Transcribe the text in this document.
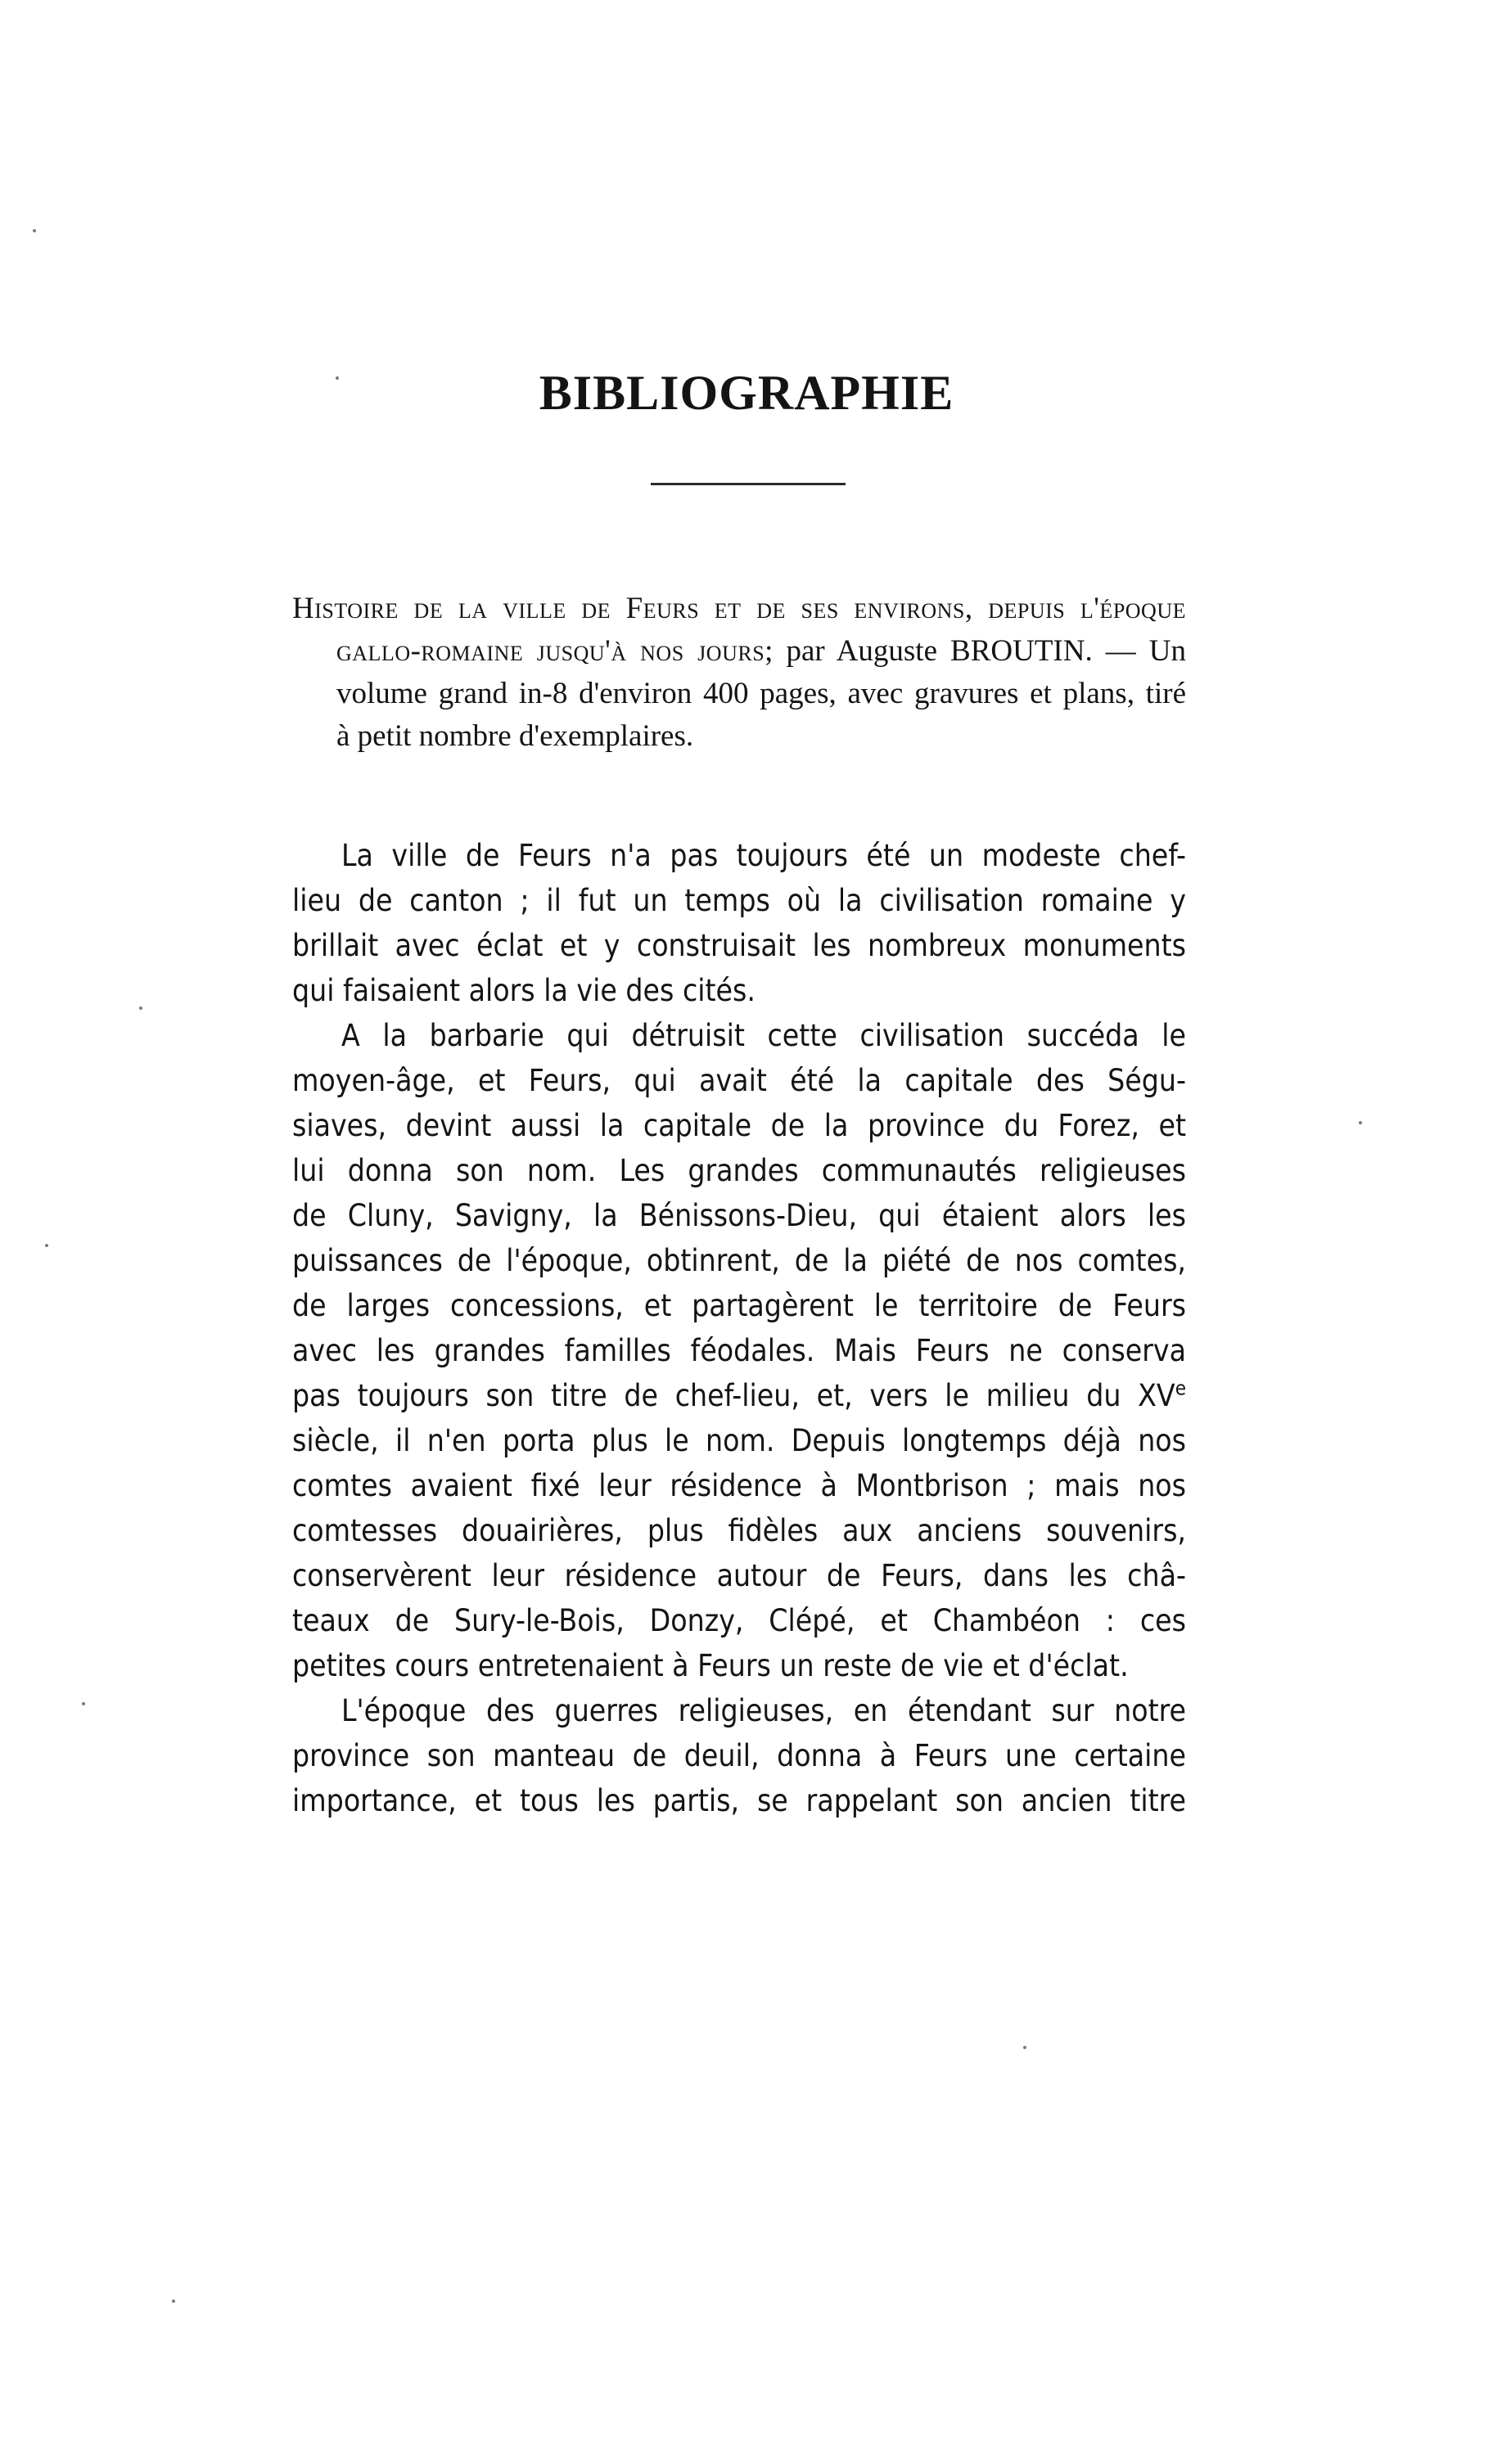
BIBLIOGRAPHIE
Histoire de la ville de Feurs et de ses environs, depuis l'époque
gallo-romaine jusqu'à nos jours; par Auguste BROUTIN. — Un
volume grand in-8 d'environ 400 pages, avec gravures et plans, tiré
à petit nombre d'exemplaires.
La ville de Feurs n'a pas toujours été un modeste chef-
lieu de canton ; il fut un temps où la civilisation romaine y
brillait avec éclat et y construisait les nombreux monuments
qui faisaient alors la vie des cités.
A la barbarie qui détruisit cette civilisation succéda le
moyen-âge, et Feurs, qui avait été la capitale des Ségu-
siaves, devint aussi la capitale de la province du Forez, et
lui donna son nom. Les grandes communautés religieuses
de Cluny, Savigny, la Bénissons-Dieu, qui étaient alors les
puissances de l'époque, obtinrent, de la piété de nos comtes,
de larges concessions, et partagèrent le territoire de Feurs
avec les grandes familles féodales. Mais Feurs ne conserva
pas toujours son titre de chef-lieu, et, vers le milieu du XVe
siècle, il n'en porta plus le nom. Depuis longtemps déjà nos
comtes avaient fixé leur résidence à Montbrison ; mais nos
comtesses douairières, plus fidèles aux anciens souvenirs,
conservèrent leur résidence autour de Feurs, dans les châ-
teaux de Sury-le-Bois, Donzy, Clépé, et Chambéon : ces
petites cours entretenaient à Feurs un reste de vie et d'éclat.
L'époque des guerres religieuses, en étendant sur notre
province son manteau de deuil, donna à Feurs une certaine
importance, et tous les partis, se rappelant son ancien titre
